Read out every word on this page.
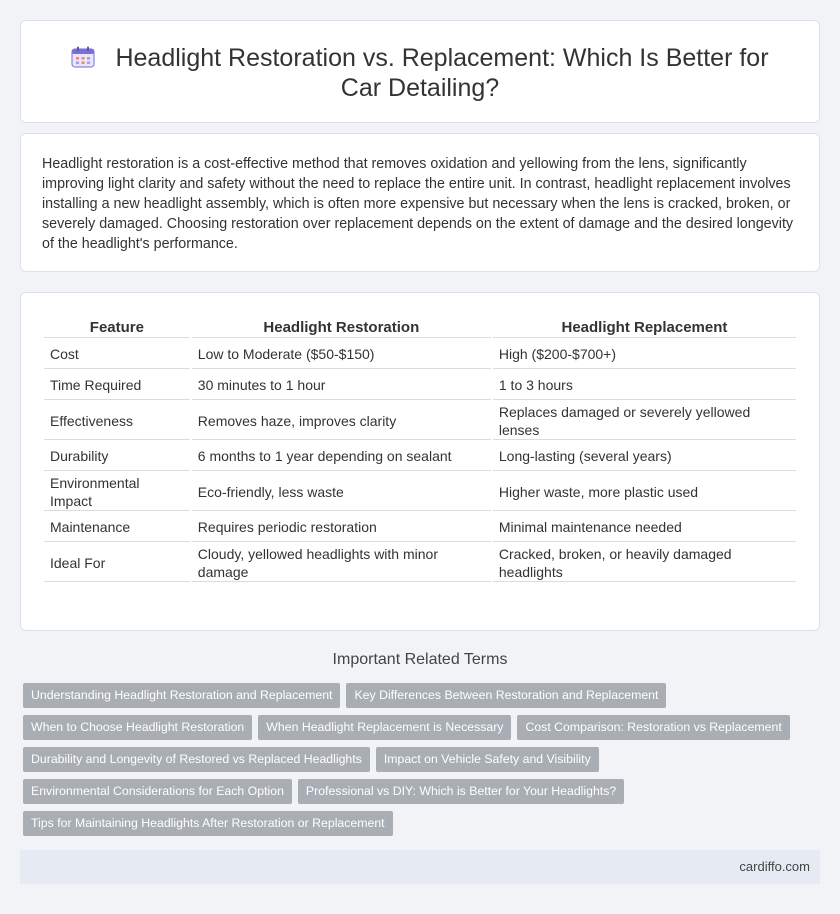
Headlight Restoration vs. Replacement: Which Is Better for Car Detailing?

Headlight restoration is a cost-effective method that removes oxidation and yellowing from the lens, significantly improving light clarity and safety without the need to replace the entire unit. In contrast, headlight replacement involves installing a new headlight assembly, which is often more expensive but necessary when the lens is cracked, broken, or severely damaged. Choosing restoration over replacement depends on the extent of damage and the desired longevity of the headlight's performance.

Feature	Headlight Restoration	Headlight Replacement
Cost	Low to Moderate ($50-$150)	High ($200-$700+)
Time Required	30 minutes to 1 hour	1 to 3 hours
Effectiveness	Removes haze, improves clarity	Replaces damaged or severely yellowed lenses
Durability	6 months to 1 year depending on sealant	Long-lasting (several years)
Environmental Impact	Eco-friendly, less waste	Higher waste, more plastic used
Maintenance	Requires periodic restoration	Minimal maintenance needed
Ideal For	Cloudy, yellowed headlights with minor damage	Cracked, broken, or heavily damaged headlights
Important Related Terms
Understanding Headlight Restoration and Replacement Key Differences Between Restoration and Replacement
When to Choose Headlight Restoration When Headlight Replacement is Necessary Cost Comparison: Restoration vs Replacement
Durability and Longevity of Restored vs Replaced Headlights Impact on Vehicle Safety and Visibility
Environmental Considerations for Each Option Professional vs DIY: Which is Better for Your Headlights?
Tips for Maintaining Headlights After Restoration or Replacement
cardiffo.com
